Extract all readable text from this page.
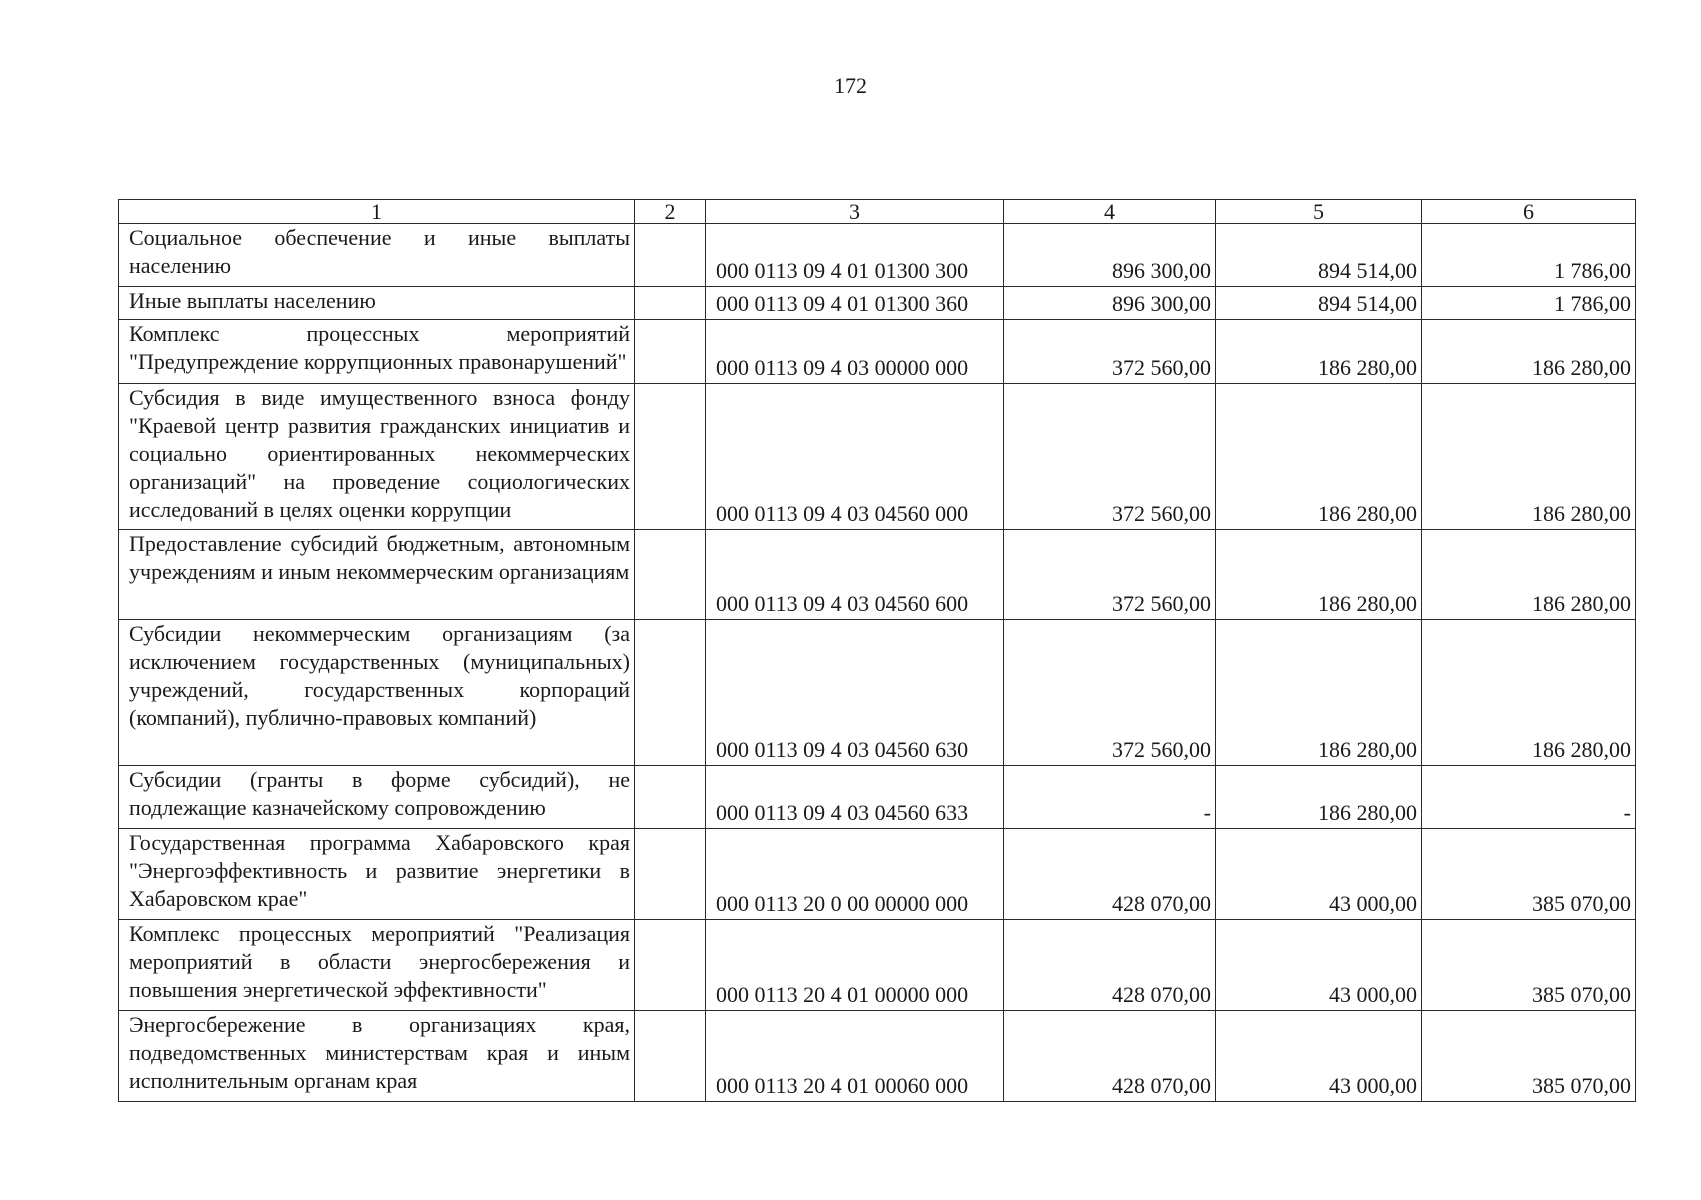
172
1	2	3	4	5	6
Социальное обеспечение и иные выплаты населению		000 0113 09 4 01 01300 300	896 300,00	894 514,00	1 786,00
Иные выплаты населению		000 0113 09 4 01 01300 360	896 300,00	894 514,00	1 786,00
Комплекс процессных мероприятий "Предупреждение коррупционных правонарушений"		000 0113 09 4 03 00000 000	372 560,00	186 280,00	186 280,00
Субсидия в виде имущественного взноса фонду "Краевой центр развития гражданских инициатив и социально ориентированных некоммерческих организаций" на проведение социологических исследований в целях оценки коррупции		000 0113 09 4 03 04560 000	372 560,00	186 280,00	186 280,00
Предоставление субсидий бюджетным, автономным учреждениям и иным некоммерческим организациям		000 0113 09 4 03 04560 600	372 560,00	186 280,00	186 280,00
Субсидии некоммерческим организациям (за исключением государственных (муниципальных) учреждений, государственных корпораций (компаний), публично-правовых компаний)		000 0113 09 4 03 04560 630	372 560,00	186 280,00	186 280,00
Субсидии (гранты в форме субсидий), не подлежащие казначейскому сопровождению		000 0113 09 4 03 04560 633	-	186 280,00	-
Государственная программа Хабаровского края "Энергоэффективность и развитие энергетики в Хабаровском крае"		000 0113 20 0 00 00000 000	428 070,00	43 000,00	385 070,00
Комплекс процессных мероприятий "Реализация мероприятий в области энергосбережения и повышения энергетической эффективности"		000 0113 20 4 01 00000 000	428 070,00	43 000,00	385 070,00
Энергосбережение в организациях края, подведомственных министерствам края и иным исполнительным органам края		000 0113 20 4 01 00060 000	428 070,00	43 000,00	385 070,00
